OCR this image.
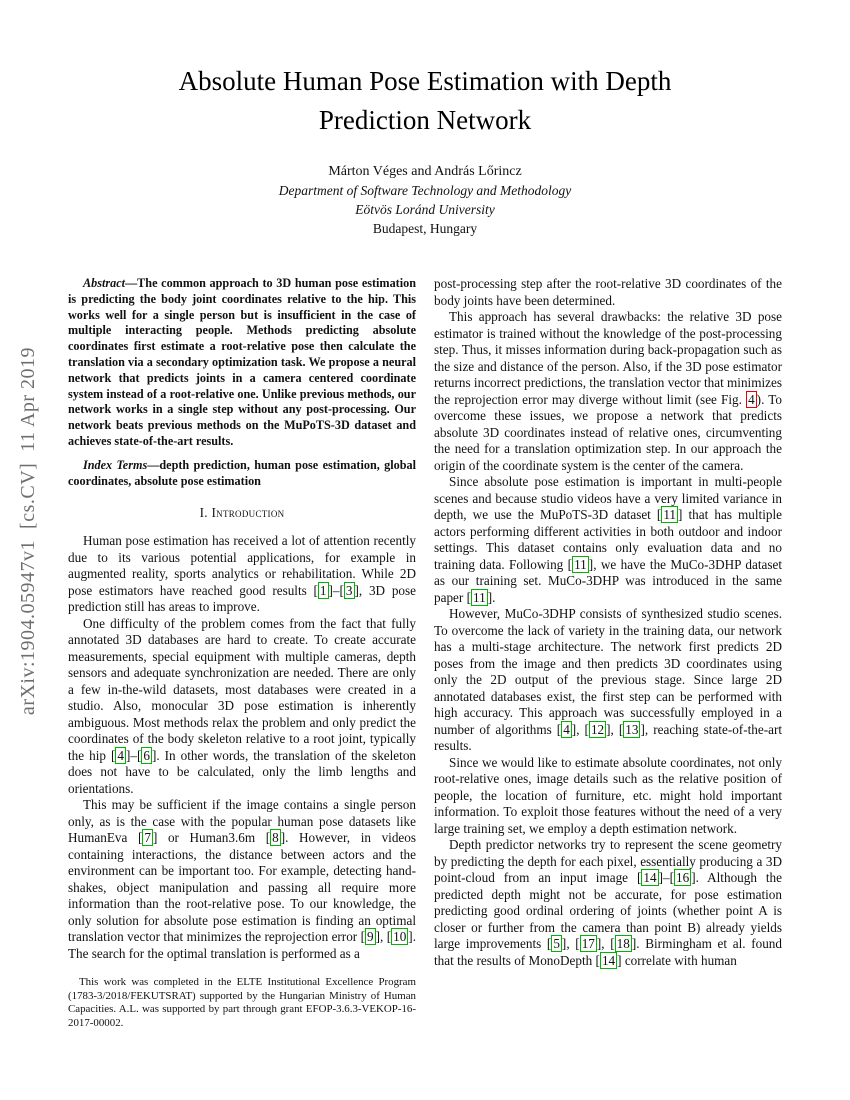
arXiv:1904.05947v1  [cs.CV]  11 Apr 2019
Absolute Human Pose Estimation with Depth
Prediction Network
Márton Véges and András Lőrincz
Department of Software Technology and Methodology
Eötvös Loránd University
Budapest, Hungary

Abstract—The common approach to 3D human pose estimation is predicting the body joint coordinates relative to the hip. This works well for a single person but is insufficient in the case of multiple interacting people. Methods predicting absolute coordinates first estimate a root-relative pose then calculate the translation via a secondary optimization task. We propose a neural network that predicts joints in a camera centered coordinate system instead of a root-relative one. Unlike previous methods, our network works in a single step without any post-processing. Our network beats previous methods on the MuPoTS-3D dataset and achieves state-of-the-art results.

Index Terms—depth prediction, human pose estimation, global coordinates, absolute pose estimation

I. Introduction

Human pose estimation has received a lot of attention recently due to its various potential applications, for example in augmented reality, sports analytics or rehabilitation. While 2D pose estimators have reached good results [ 1 ]–[ 3 ], 3D pose prediction still has areas to improve.

One difficulty of the problem comes from the fact that fully annotated 3D databases are hard to create. To create accurate measurements, special equipment with multiple cameras, depth sensors and adequate synchronization are needed. There are only a few in-the-wild datasets, most databases were created in a studio. Also, monocular 3D pose estimation is inherently ambiguous. Most methods relax the problem and only predict the coordinates of the body skeleton relative to a root joint, typically the hip [ 4 ]–[ 6 ]. In other words, the translation of the skeleton does not have to be calculated, only the limb lengths and orientations.

This may be sufficient if the image contains a single person only, as is the case with the popular human pose datasets like HumanEva [ 7 ] or Human3.6m [ 8 ]. However, in videos containing interactions, the distance between actors and the environment can be important too. For example, detecting hand-shakes, object manipulation and passing all require more information than the root-relative pose. To our knowledge, the only solution for absolute pose estimation is finding an optimal translation vector that minimizes the reprojection error [ 9 ], [ 10 ]. The search for the optimal translation is performed as a

This work was completed in the ELTE Institutional Excellence Program (1783-3/2018/FEKUTSRAT) supported by the Hungarian Ministry of Human Capacities. A.L. was supported by part through grant EFOP-3.6.3-VEKOP-16-2017-00002.

post-processing step after the root-relative 3D coordinates of the body joints have been determined.

This approach has several drawbacks: the relative 3D pose estimator is trained without the knowledge of the post-processing step. Thus, it misses information during back-propagation such as the size and distance of the person. Also, if the 3D pose estimator returns incorrect predictions, the translation vector that minimizes the reprojection error may diverge without limit (see Fig. 4 ). To overcome these issues, we propose a network that predicts absolute 3D coordinates instead of relative ones, circumventing the need for a translation optimization step. In our approach the origin of the coordinate system is the center of the camera.

Since absolute pose estimation is important in multi-people scenes and because studio videos have a very limited variance in depth, we use the MuPoTS-3D dataset [ 11 ] that has multiple actors performing different activities in both outdoor and indoor settings. This dataset contains only evaluation data and no training data. Following [ 11 ], we have the MuCo-3DHP dataset as our training set. MuCo-3DHP was introduced in the same paper [ 11 ].

However, MuCo-3DHP consists of synthesized studio scenes. To overcome the lack of variety in the training data, our network has a multi-stage architecture. The network first predicts 2D poses from the image and then predicts 3D coordinates using only the 2D output of the previous stage. Since large 2D annotated databases exist, the first step can be performed with high accuracy. This approach was successfully employed in a number of algorithms [ 4 ], [ 12 ], [ 13 ], reaching state-of-the-art results.

Since we would like to estimate absolute coordinates, not only root-relative ones, image details such as the relative position of people, the location of furniture, etc. might hold important information. To exploit those features without the need of a very large training set, we employ a depth estimation network.

Depth predictor networks try to represent the scene geometry by predicting the depth for each pixel, essentially producing a 3D point-cloud from an input image [ 14 ]–[ 16 ]. Although the predicted depth might not be accurate, for pose estimation predicting good ordinal ordering of joints (whether point A is closer or further from the camera than point B) already yields large improvements [ 5 ], [ 17 ], [ 18 ]. Birmingham et al. found that the results of MonoDepth [ 14 ] correlate with human
